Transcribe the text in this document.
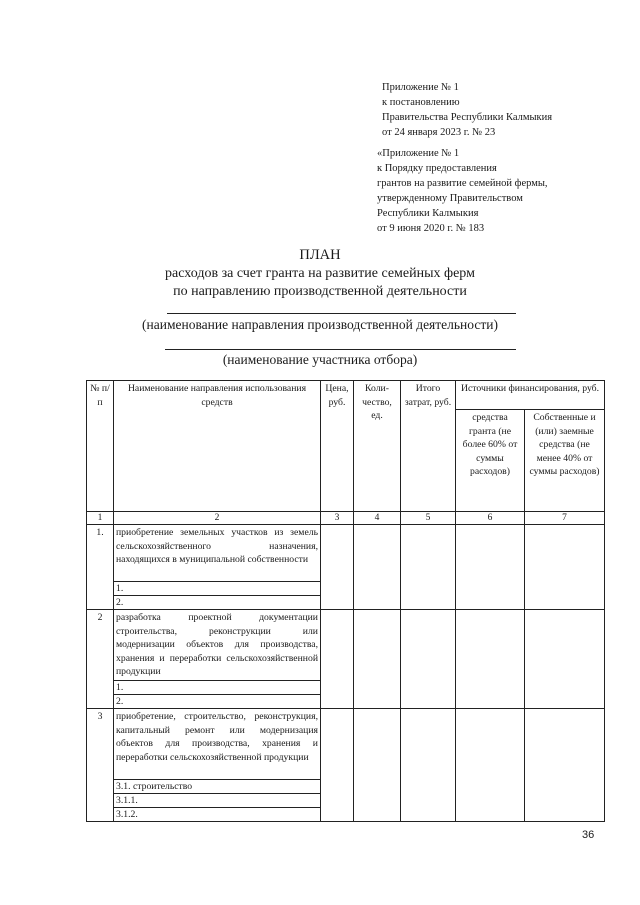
Приложение № 1
к постановлению
Правительства Республики Калмыкия
от 24 января 2023 г. № 23
«Приложение № 1
к Порядку предоставления
грантов на развитие семейной фермы,
утвержденному Правительством
Республики Калмыкия
от 9 июня 2020 г. № 183
ПЛАН
расходов за счет гранта на развитие семейных ферм
по направлению производственной деятельности
(наименование направления производственной деятельности)
(наименование участника отбора)
№ п/п	Наименование направления использования средств	Цена, руб.	Коли-чество, ед.	Итого затрат, руб.	Источники финансирования, руб.	
					средства гранта (не более 60% от суммы расходов)	Собственные и (или) заемные средства (не менее 40% от суммы расходов)
1	2	3	4	5	6	7
1.	приобретение земельных участков из земель сельскохозяйственного назначения, находящихся в муниципальной собственности					
	1.					
	2.					
2	разработка проектной документации строительства, реконструкции или модернизации объектов для производства, хранения и переработки сельскохозяйственной продукции					
	1.					
	2.					
3	приобретение, строительство, реконструкция, капитальный ремонт или модернизация объектов для производства, хранения и переработки сельскохозяйственной продукции					
	3.1. строительство					
	3.1.1.					
	3.1.2.					
36
